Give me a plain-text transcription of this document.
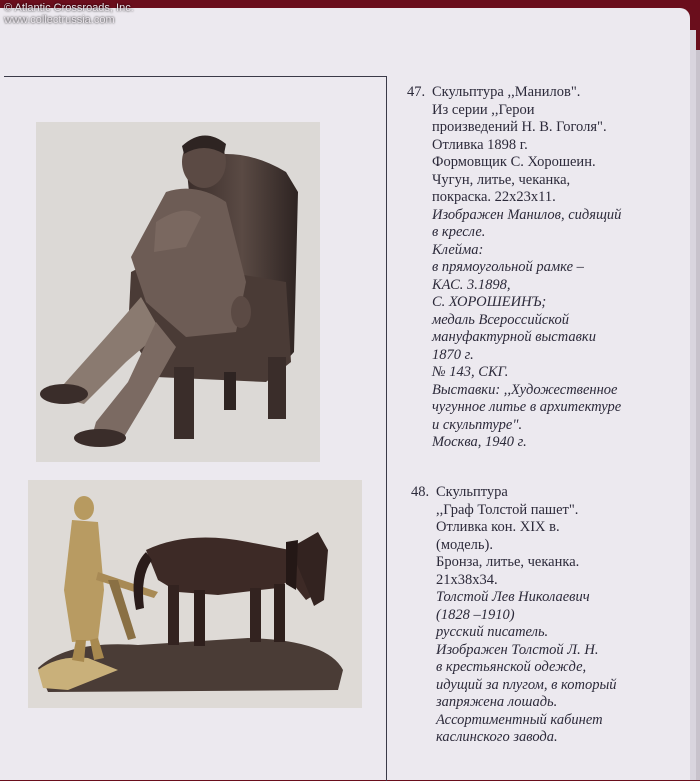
© Atlantic Crossroads, Inc.
www.collectrussia.com
47. Скульптура ,,Манилов".
Из серии ,,Герои
произведений Н. В. Гоголя".
Отливка 1898 г.
Формовщик С. Хорошеин.
Чугун, литье, чеканка,
покраска. 22x23x11.
Изображен Манилов, сидящий
в кресле.
Клейма:
в прямоугольной рамке –
КАС. 3.1898,
С. ХОРОШЕИНЪ;
медаль Всероссийской
мануфактурной выставки
1870 г.
№ 143, СКГ.
Выставки: ,,Художественное
чугунное литье в архитектуре
и скульптуре".
Москва, 1940 г.
48. Скульптура
,,Граф Толстой пашет".
Отливка кон. XIX в.
(модель).
Бронза, литье, чеканка.
21x38x34.
Толстой Лев Николаевич
(1828 –1910)
русский писатель.
Изображен Толстой Л. Н.
в крестьянской одежде,
идущий за плугом, в который
запряжена лошадь.
Ассортиментный кабинет
каслинского завода.
